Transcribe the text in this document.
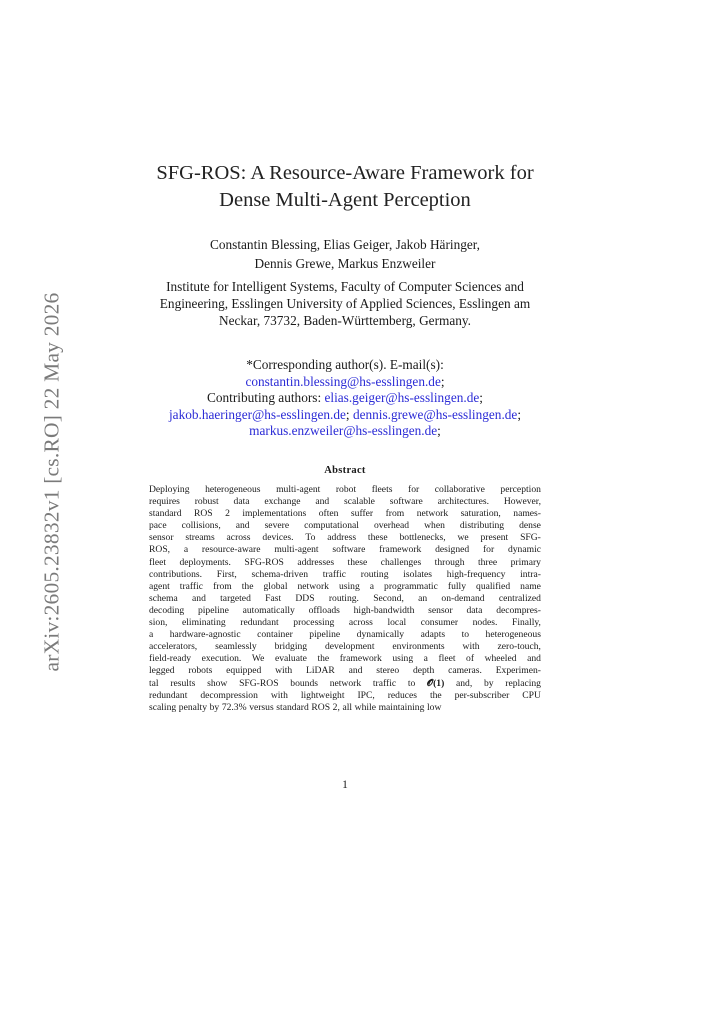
arXiv:2605.23832v1 [cs.RO] 22 May 2026
SFG-ROS: A Resource-Aware Framework for
Dense Multi-Agent Perception
Constantin Blessing, Elias Geiger, Jakob Häringer,
Dennis Grewe, Markus Enzweiler
Institute for Intelligent Systems, Faculty of Computer Sciences and
Engineering, Esslingen University of Applied Sciences, Esslingen am
Neckar, 73732, Baden-Württemberg, Germany.
*Corresponding author(s). E-mail(s):
constantin.blessing@hs-esslingen.de;
Contributing authors: elias.geiger@hs-esslingen.de;
jakob.haeringer@hs-esslingen.de; dennis.grewe@hs-esslingen.de;
markus.enzweiler@hs-esslingen.de;
Abstract
Deploying heterogeneous multi-agent robot fleets for collaborative perception
requires robust data exchange and scalable software architectures. However,
standard ROS 2 implementations often suffer from network saturation, names-
pace collisions, and severe computational overhead when distributing dense
sensor streams across devices. To address these bottlenecks, we present SFG-
ROS, a resource-aware multi-agent software framework designed for dynamic
fleet deployments. SFG-ROS addresses these challenges through three primary
contributions. First, schema-driven traffic routing isolates high-frequency intra-
agent traffic from the global network using a programmatic fully qualified name
schema and targeted Fast DDS routing. Second, an on-demand centralized
decoding pipeline automatically offloads high-bandwidth sensor data decompres-
sion, eliminating redundant processing across local consumer nodes. Finally,
a hardware-agnostic container pipeline dynamically adapts to heterogeneous
accelerators, seamlessly bridging development environments with zero-touch,
field-ready execution. We evaluate the framework using a fleet of wheeled and
legged robots equipped with LiDAR and stereo depth cameras. Experimen-
tal results show SFG-ROS bounds network traffic to 𝓞(1) and, by replacing
redundant decompression with lightweight IPC, reduces the per-subscriber CPU
scaling penalty by 72.3% versus standard ROS 2, all while maintaining low
1
